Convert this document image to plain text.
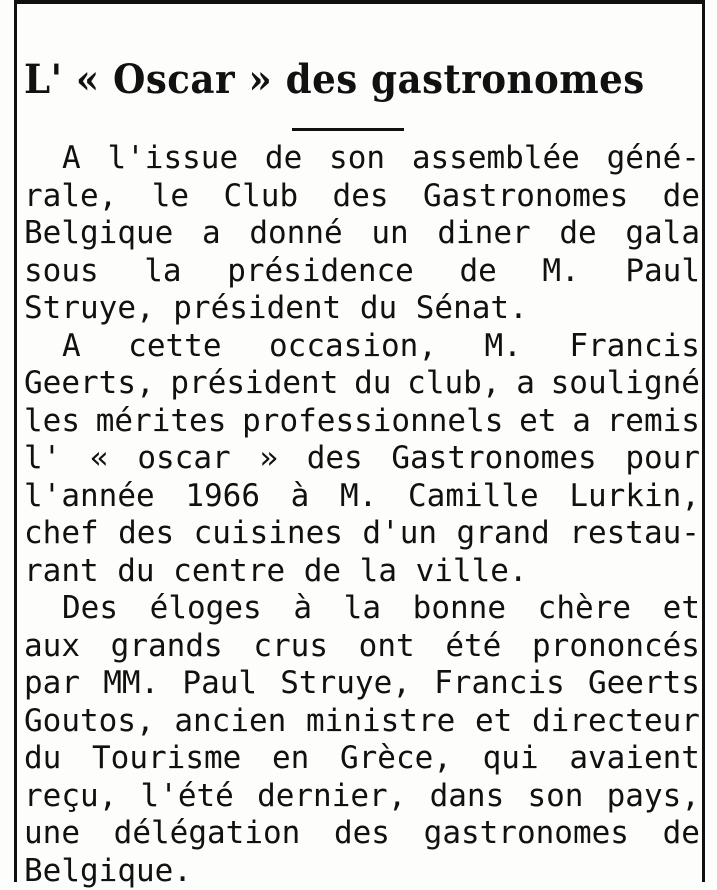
L' « Oscar » des gastronomes
A l'issue de son assemblée géné-
rale, le Club des Gastronomes de
Belgique a donné un diner de gala
sous la présidence de M. Paul
Struye, président du Sénat.
A cette occasion, M. Francis
Geerts, président du club, a souligné
les mérites professionnels et a remis
l' « oscar » des Gastronomes pour
l'année 1966 à M. Camille Lurkin,
chef des cuisines d'un grand restau-
rant du centre de la ville.
Des éloges à la bonne chère et
aux grands crus ont été prononcés
par MM. Paul Struye, Francis Geerts
Goutos, ancien ministre et directeur
du Tourisme en Grèce, qui avaient
reçu, l'été dernier, dans son pays,
une délégation des gastronomes de
Belgique.
